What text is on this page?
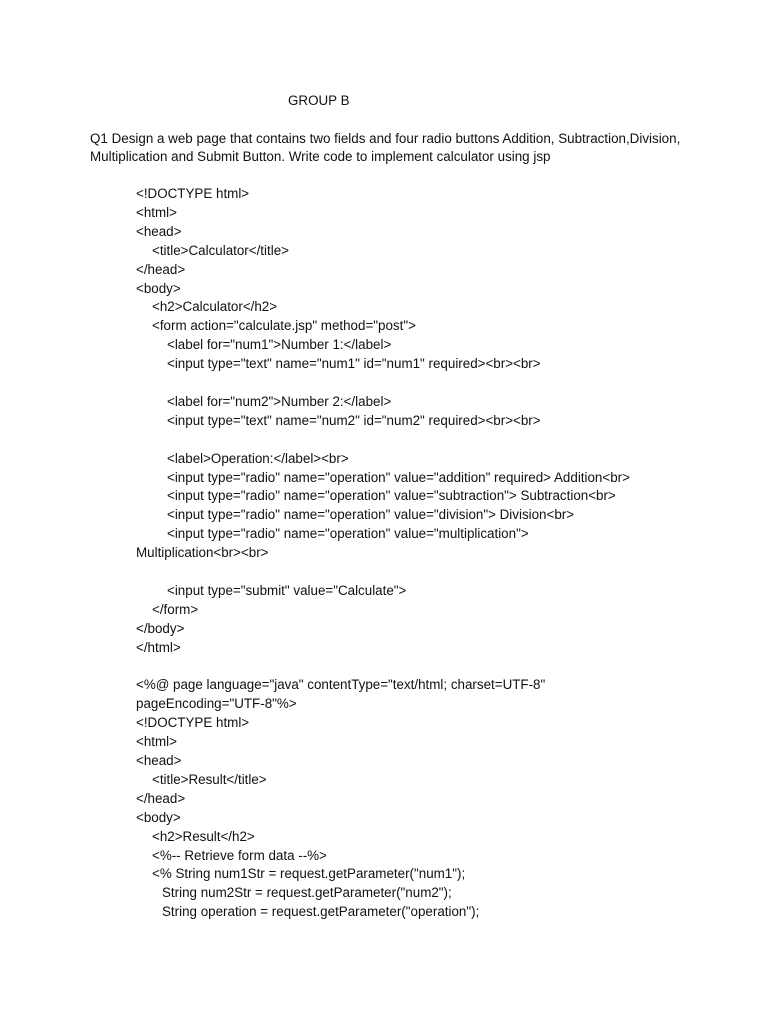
GROUP B
Q1 Design a web page that contains two fields and four radio buttons Addition, Subtraction,Division, Multiplication and Submit Button. Write code to implement calculator using jsp
<!DOCTYPE html>
<html>
<head>
<title>Calculator</title>
</head>
<body>
<h2>Calculator</h2>
<form action="calculate.jsp" method="post">
<label for="num1">Number 1:</label>
<input type="text" name="num1" id="num1" required><br><br>
<label for="num2">Number 2:</label>
<input type="text" name="num2" id="num2" required><br><br>
<label>Operation:</label><br>
<input type="radio" name="operation" value="addition" required> Addition<br>
<input type="radio" name="operation" value="subtraction"> Subtraction<br>
<input type="radio" name="operation" value="division"> Division<br>
<input type="radio" name="operation" value="multiplication">
Multiplication<br><br>
<input type="submit" value="Calculate">
</form>
</body>
</html>
<%@ page language="java" contentType="text/html; charset=UTF-8"
pageEncoding="UTF-8"%>
<!DOCTYPE html>
<html>
<head>
<title>Result</title>
</head>
<body>
<h2>Result</h2>
<%-- Retrieve form data --%>
<% String num1Str = request.getParameter("num1");
String num2Str = request.getParameter("num2");
String operation = request.getParameter("operation");
